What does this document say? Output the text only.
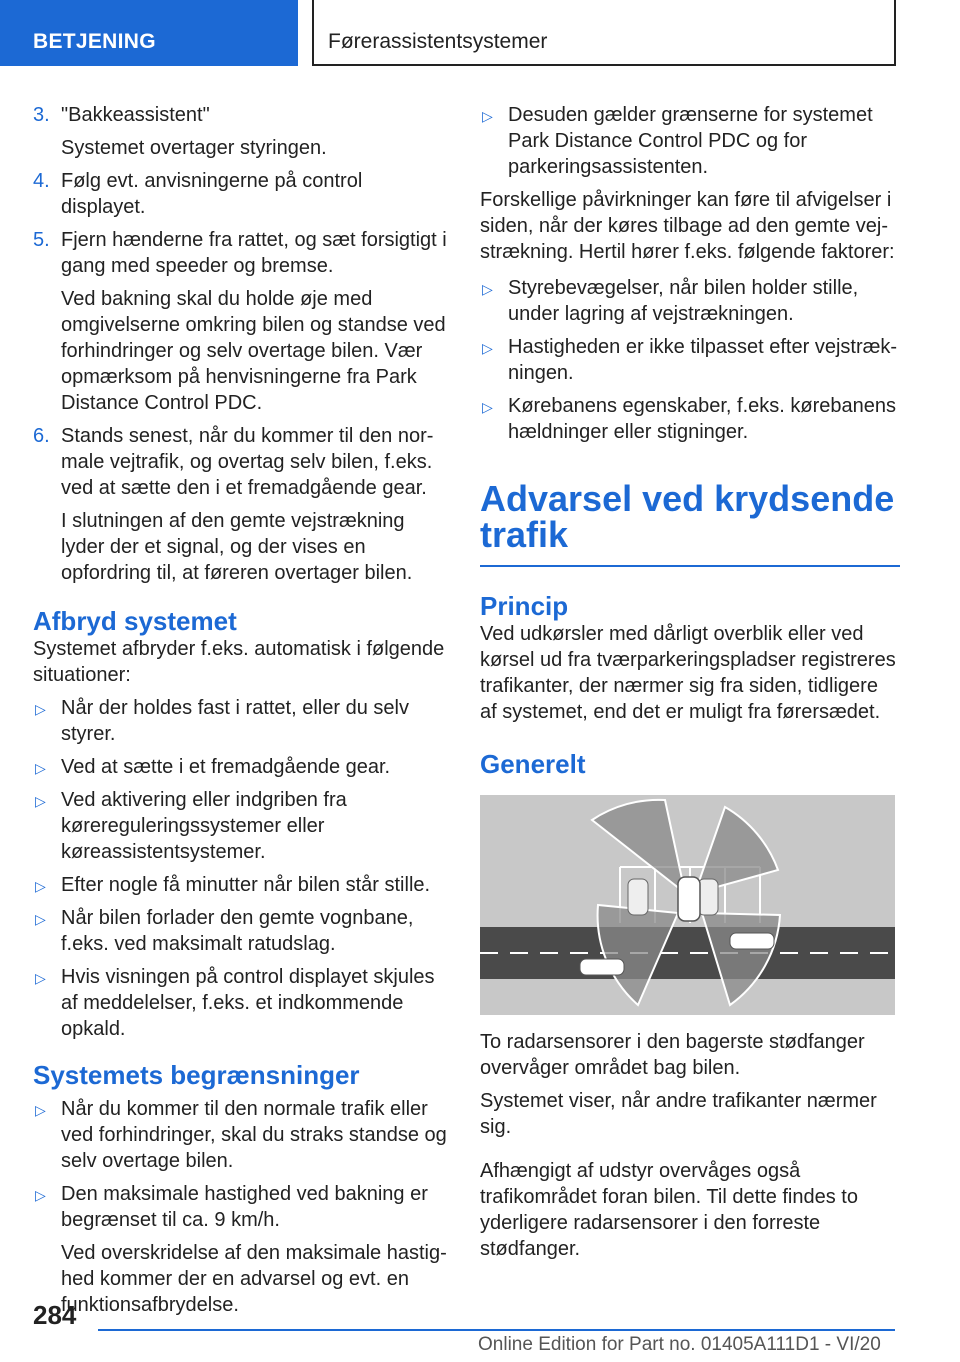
BETJENING	Førerassistentsystemer
3. "Bakkeassistent"

Systemet overtager styringen.

4. Følg evt. anvisningerne på control displayet.
5. Fjern hænderne fra rattet, og sæt forsigtigt i gang med speeder og bremse.

Ved bakning skal du holde øje med omgivelserne omkring bilen og standse ved forhindringer og selv overtage bilen. Vær opmærksom på henvisningerne fra Park Distance Control PDC.

6. Stands senest, når du kommer til den normale vejtrafik, og overtag selv bilen, f.eks. ved at sætte den i et fremadgående gear.

I slutningen af den gemte vejstrækning lyder der et signal, og der vises en opfordring til, at føreren overtager bilen.

Afbryd systemet

Systemet afbryder f.eks. automatisk i følgende situationer:

▷ Når der holdes fast i rattet, eller du selv styrer.
▷ Ved at sætte i et fremadgående gear.
▷ Ved aktivering eller indgriben fra kørereguleringssystemer eller køreassistentsystemer.
▷ Efter nogle få minutter når bilen står stille.
▷ Når bilen forlader den gemte vognbane, f.eks. ved maksimalt ratudslag.
▷ Hvis visningen på control displayet skjules af meddelelser, f.eks. et indkommende opkald.
Systemets begrænsninger
▷ Når du kommer til den normale trafik eller ved forhindringer, skal du straks standse og selv overtage bilen.
▷ Den maksimale hastighed ved bakning er begrænset til ca. 9 km/h.

Ved overskridelse af den maksimale hastighed kommer der en advarsel og evt. en funktionsafbrydelse.

▷ Desuden gælder grænserne for systemet Park Distance Control PDC og for parkeringsassistenten.

Forskellige påvirkninger kan føre til afvigelser i siden, når der køres tilbage ad den gemte vejstrækning. Hertil hører f.eks. følgende faktorer:

▷ Styrebevægelser, når bilen holder stille, under lagring af vejstrækningen.
▷ Hastigheden er ikke tilpasset efter vejstrækningen.
▷ Kørebanens egenskaber, f.eks. kørebanens hældninger eller stigninger.
Advarsel ved krydsende trafik
Princip

Ved udkørsler med dårligt overblik eller ved kørsel ud fra tværparkeringspladser registreres trafikanter, der nærmer sig fra siden, tidligere af systemet, end det er muligt fra førersædet.

Generelt

To radarsensorer i den bagerste stødfanger overvåger området bag bilen.

Systemet viser, når andre trafikanter nærmer sig.

Afhængigt af udstyr overvåges også trafikområdet foran bilen. Til dette findes to yderligere radarsensorer i den forreste stødfanger.

284
Online Edition for Part no. 01405A111D1 - VI/20
